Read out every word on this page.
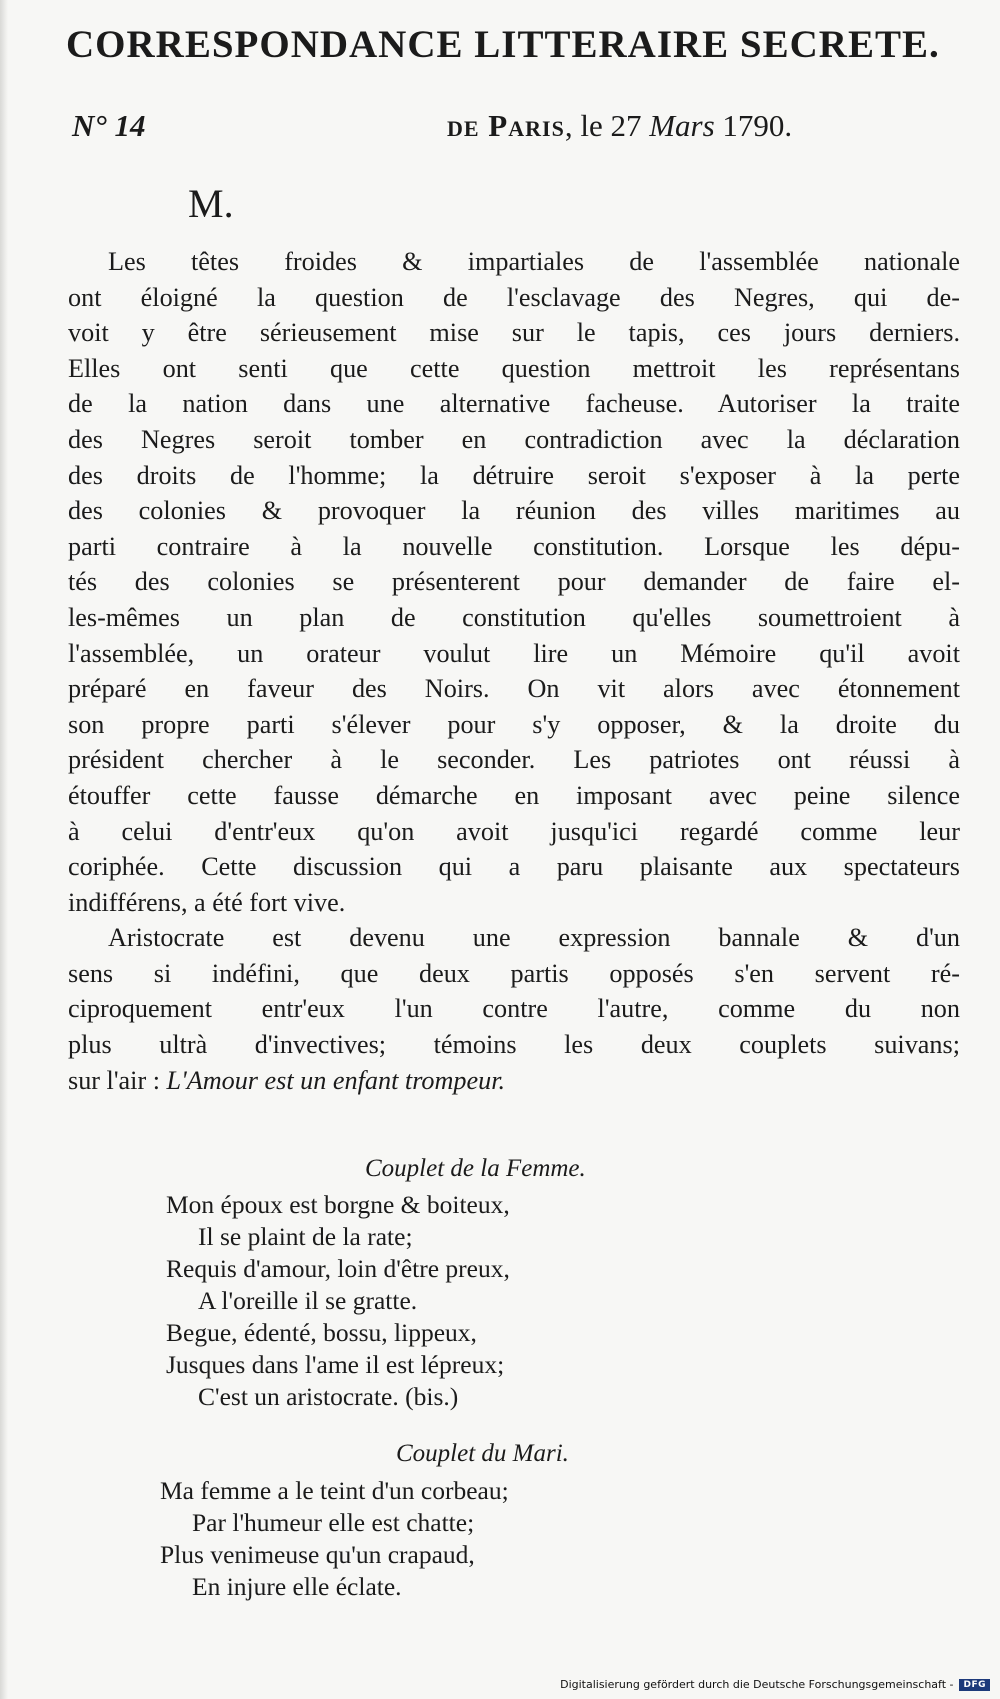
CORRESPONDANCE LITTERAIRE SECRETE.
N° 14	de Paris, le 27 Mars 1790.
M.
Les têtes froides & impartiales de l'assemblée nationale
ont éloigné la question de l'esclavage des Negres, qui de-
voit y être sérieusement mise sur le tapis, ces jours derniers.
Elles ont senti que cette question mettroit les représentans
de la nation dans une alternative facheuse. Autoriser la traite
des Negres seroit tomber en contradiction avec la déclaration
des droits de l'homme; la détruire seroit s'exposer à la perte
des colonies & provoquer la réunion des villes maritimes au
parti contraire à la nouvelle constitution. Lorsque les dépu-
tés des colonies se présenterent pour demander de faire el-
les-mêmes un plan de constitution qu'elles soumettroient à
l'assemblée, un orateur voulut lire un Mémoire qu'il avoit
préparé en faveur des Noirs. On vit alors avec étonnement
son propre parti s'élever pour s'y opposer, & la droite du
président chercher à le seconder. Les patriotes ont réussi à
étouffer cette fausse démarche en imposant avec peine silence
à celui d'entr'eux qu'on avoit jusqu'ici regardé comme leur
coriphée. Cette discussion qui a paru plaisante aux spectateurs
indifférens, a été fort vive.
Aristocrate est devenu une expression bannale & d'un
sens si indéfini, que deux partis opposés s'en servent ré-
ciproquement entr'eux l'un contre l'autre, comme du non
plus ultrà d'invectives; témoins les deux couplets suivans;
sur l'air : L'Amour est un enfant trompeur.
Couplet de la Femme.
Mon époux est borgne & boiteux,
Il se plaint de la rate;
Requis d'amour, loin d'être preux,
A l'oreille il se gratte.
Begue, édenté, bossu, lippeux,
Jusques dans l'ame il est lépreux;
C'est un aristocrate. (bis.)
Couplet du Mari.
Ma femme a le teint d'un corbeau;
Par l'humeur elle est chatte;
Plus venimeuse qu'un crapaud,
En injure elle éclate.
Digitalisierung gefördert durch die Deutsche Forschungsgemeinschaft -	DFG
